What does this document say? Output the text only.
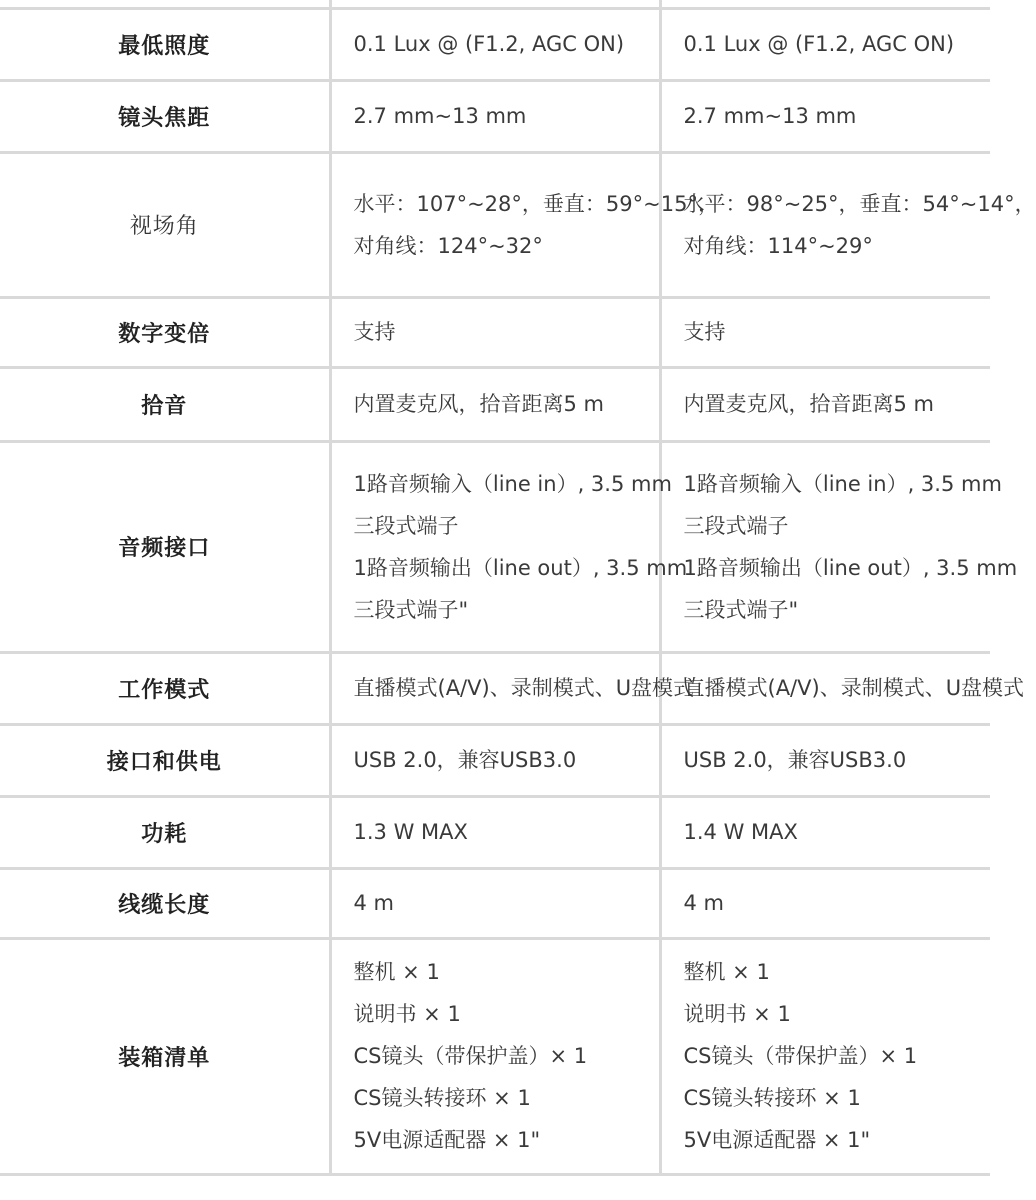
最低照度	0.1 Lux @ (F1.2, AGC ON)	0.1 Lux @ (F1.2, AGC ON)

镜头焦距	2.7 mm~13 mm	2.7 mm~13 mm

视场角	水平：107°~28°，垂直：59°~15°，
对角线：124°~32°	水平：98°~25°，垂直：54°~14°，
对角线：114°~29°

数字变倍	支持	支持

拾音	内置麦克风，拾音距离5 m	内置麦克风，拾音距离5 m

音频接口	1路音频输入（line in）, 3.5 mm
三段式端子
1路音频输出（line out）, 3.5 mm
三段式端子"	1路音频输入（line in）, 3.5 mm
三段式端子
1路音频输出（line out）, 3.5 mm
三段式端子"

工作模式	直播模式(A/V)、录制模式、U盘模式	直播模式(A/V)、录制模式、U盘模式

接口和供电	USB 2.0，兼容USB3.0	USB 2.0，兼容USB3.0

功耗	1.3 W MAX	1.4 W MAX

线缆长度	4 m	4 m

装箱清单	整机 × 1
说明书 × 1
CS镜头（带保护盖）× 1
CS镜头转接环 × 1
5V电源适配器 × 1"	整机 × 1
说明书 × 1
CS镜头（带保护盖）× 1
CS镜头转接环 × 1
5V电源适配器 × 1"
